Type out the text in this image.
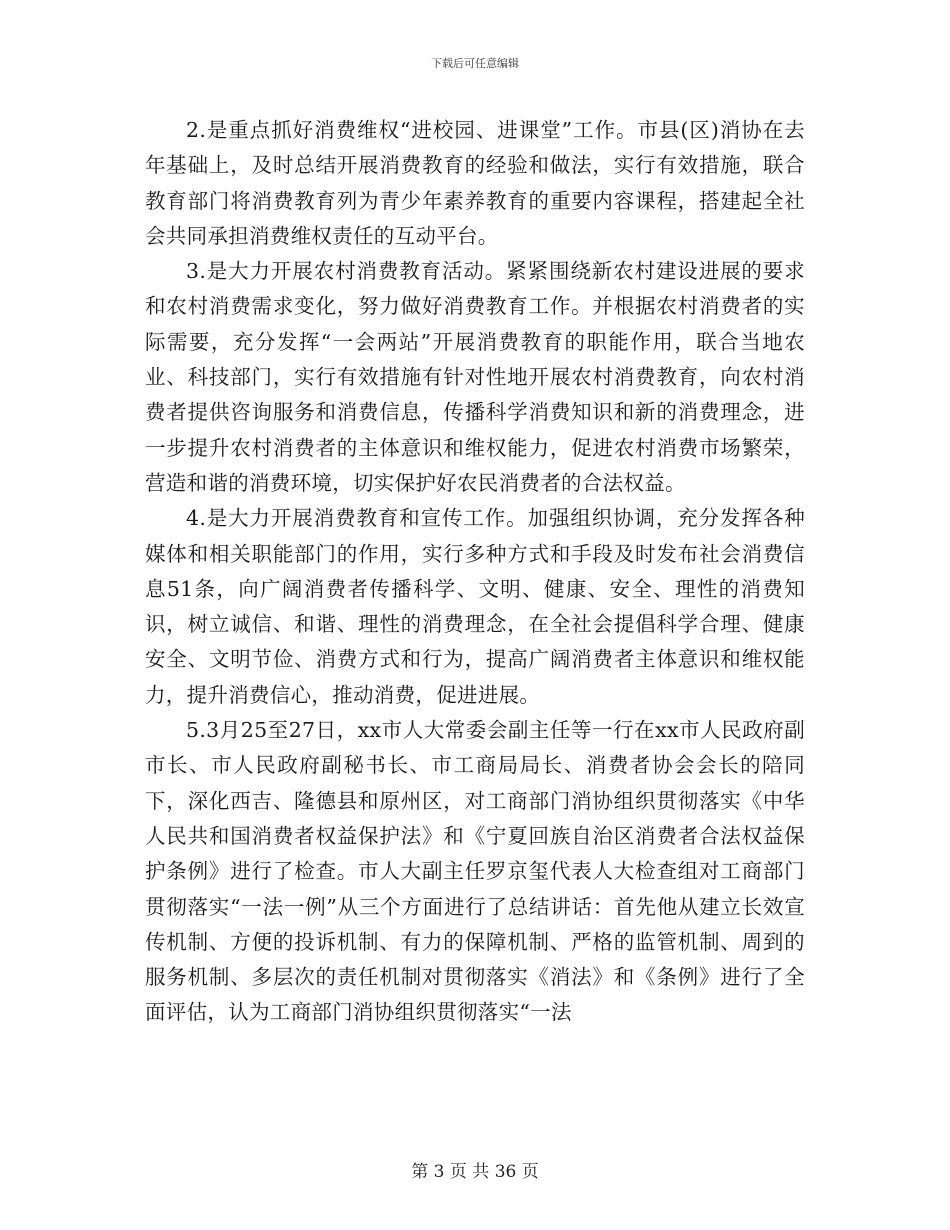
下载后可任意编辑

2.是重点抓好消费维权“进校园、进课堂”工作。市县(区)消协在去年基础上，及时总结开展消费教育的经验和做法，实行有效措施，联合教育部门将消费教育列为青少年素养教育的重要内容课程，搭建起全社会共同承担消费维权责任的互动平台。

3.是大力开展农村消费教育活动。紧紧围绕新农村建设进展的要求和农村消费需求变化，努力做好消费教育工作。并根据农村消费者的实际需要，充分发挥“一会两站”开展消费教育的职能作用，联合当地农业、科技部门，实行有效措施有针对性地开展农村消费教育，向农村消费者提供咨询服务和消费信息，传播科学消费知识和新的消费理念，进一步提升农村消费者的主体意识和维权能力，促进农村消费市场繁荣，营造和谐的消费环境，切实保护好农民消费者的合法权益。

4.是大力开展消费教育和宣传工作。加强组织协调，充分发挥各种媒体和相关职能部门的作用，实行多种方式和手段及时发布社会消费信息51条，向广阔消费者传播科学、文明、健康、安全、理性的消费知识，树立诚信、和谐、理性的消费理念，在全社会提倡科学合理、健康安全、文明节俭、消费方式和行为，提高广阔消费者主体意识和维权能力，提升消费信心，推动消费，促进进展。

5.3月25至27日，xx市人大常委会副主任等一行在xx市人民政府副市长、市人民政府副秘书长、市工商局局长、消费者协会会长的陪同下，深化西吉、隆德县和原州区，对工商部门消协组织贯彻落实《中华人民共和国消费者权益保护法》和《宁夏回族自治区消费者合法权益保护条例》进行了检查。市人大副主任罗京玺代表人大检查组对工商部门贯彻落实“一法一例”从三个方面进行了总结讲话：首先他从建立长效宣传机制、方便的投诉机制、有力的保障机制、严格的监管机制、周到的服务机制、多层次的责任机制对贯彻落实《消法》和《条例》进行了全面评估，认为工商部门消协组织贯彻落实“一法

第 3 页 共 36 页
